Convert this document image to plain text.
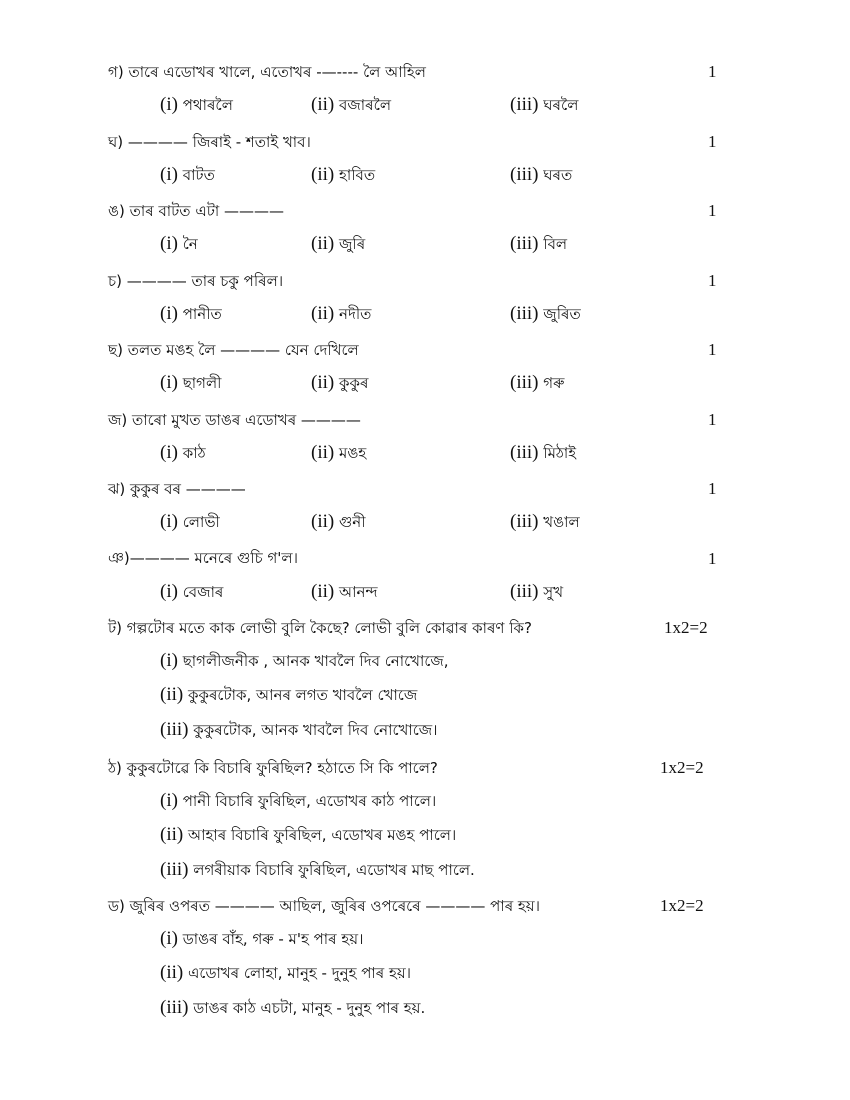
গ) তাৰে এডোখৰ খালে, এতোখৰ -—---- লৈ আহিল	1
(i) পথাৰলৈ	(ii) বজাৰলৈ	(iii) ঘৰলৈ
ঘ) ———— জিৰাই - শতাই খাব।	1
(i) বাটত	(ii) হাবিত	(iii) ঘৰত
ঙ) তাৰ বাটত এটা ————	1
(i) নৈ	(ii) জুৰি	(iii) বিল
চ) ———— তাৰ চকু পৰিল।	1
(i) পানীত	(ii) নদীত	(iii) জুৰিত
ছ) তলত মঙহ লৈ ———— যেন দেখিলে	1
(i) ছাগলী	(ii) কুকুৰ	(iii) গৰু
জ) তাৰো মুখত ডাঙৰ এডোখৰ ————	1
(i) কাঠ	(ii) মঙহ	(iii) মিঠাই
ঝ) কুকুৰ বৰ ————	1
(i) লোভী	(ii) গুনী	(iii) খঙাল
ঞ)———— মনেৰে গুচি গ'ল।	1
(i) বেজাৰ	(ii) আনন্দ	(iii) সুখ
ট) গল্পটোৰ মতে কাক লোভী বুলি কৈছে? লোভী বুলি কোৱাৰ কাৰণ কি?	1x2=2
(i) ছাগলীজনীক , আনক খাবলৈ দিব নোখোজে,
(ii) কুকুৰটোক, আনৰ লগত খাবলৈ খোজে
(iii) কুকুৰটোক, আনক খাবলৈ দিব নোখোজে।
ঠ) কুকুৰটোৱে কি বিচাৰি ফুৰিছিল? হঠাতে সি কি পালে?	1x2=2
(i) পানী বিচাৰি ফুৰিছিল, এডোখৰ কাঠ পালে।
(ii) আহাৰ বিচাৰি ফুৰিছিল, এডোখৰ মঙহ পালে।
(iii) লগৰীয়াক বিচাৰি ফুৰিছিল, এডোখৰ মাছ পালে.
ড) জুৰিৰ ওপৰত ———— আছিল, জুৰিৰ ওপৰেৰে ———— পাৰ হয়।	1x2=2
(i) ডাঙৰ বাঁহ, গৰু - ম'হ পাৰ হয়।
(ii) এডোখৰ লোহা, মানুহ - দুনুহ পাৰ হয়।
(iii) ডাঙৰ কাঠ এচটা, মানুহ - দুনুহ পাৰ হয়.
